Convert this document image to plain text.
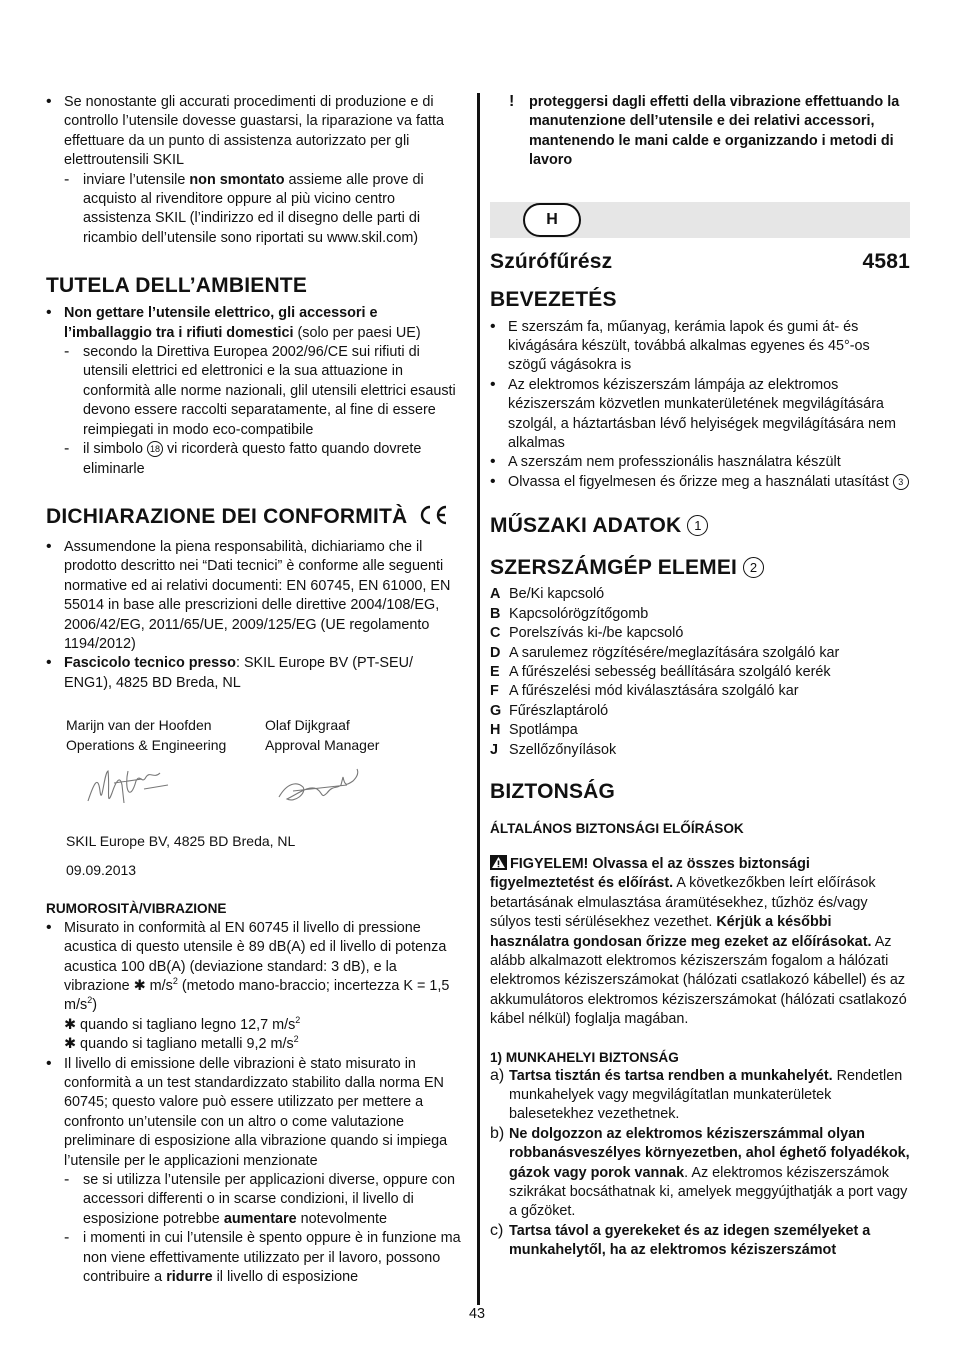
• Se nonostante gli accurati procedimenti di produzione e di controllo l’utensile dovesse guastarsi, la riparazione va fatta effettuare da un punto di assistenza autorizzato per gli elettroutensili SKIL

- inviare l’utensile non smontato assieme alle prove di acquisto al rivenditore oppure al più vicino centro assistenza SKIL (l’indirizzo ed il disegno delle parti di ricambio dell’utensile sono riportati su www.skil.com)

TUTELA DELL’AMBIENTE
• Non gettare l’utensile elettrico, gli accessori e l’imballaggio tra i rifiuti domestici (solo per paesi UE)

- secondo la Direttiva Europea 2002/96/CE sui rifiuti di utensili elettrici ed elettronici e la sua attuazione in conformità alle norme nazionali, glil utensili elettrici esausti devono essere raccolti separatamente, al fine di essere reimpiegati in modo eco-compatibile

- il simbolo 18 vi ricorderà questo fatto quando dovrete eliminarle

DICHIARAZIONE DEI CONFORMITÀ
• Assumendone la piena responsabilità, dichiariamo che il prodotto descritto nei “Dati tecnici” è conforme alle seguenti normative ed ai relativi documenti: EN 60745, EN 61000, EN 55014 in base alle prescrizioni delle direttive 2004/108/EG, 2006/42/EG, 2011/65/UE, 2009/125/EG (UE regolamento 1194/2012)

• Fascicolo tecnico presso: SKIL Europe BV (PT-SEU/ ENG1), 4825 BD Breda, NL

Marijn van der Hoofden

Operations & Engineering

Olaf Dijkgraaf

Approval Manager

SKIL Europe BV, 4825 BD Breda, NL

09.09.2013

RUMOROSITÀ/VIBRAZIONE
• Misurato in conformità al EN 60745 il livello di pressione acustica di questo utensile è 89 dB(A) ed il livello di potenza acustica 100 dB(A) (deviazione standard: 3 dB), e la vibrazione ✱ $m/s^2$ (metodo mano-braccio; incertezza K = 1,5 $m/s^2$)

✱ quando si tagliano legno 12,7 $m/s^2$

✱ quando si tagliano metalli 9,2 $m/s^2$

• Il livello di emissione delle vibrazioni è stato misurato in conformità a un test standardizzato stabilito dalla norma EN 60745; questo valore può essere utilizzato per mettere a confronto un’utensile con un altro o come valutazione preliminare di esposizione alla vibrazione quando si impiega l’utensile per le applicazioni menzionate

- se si utilizza l’utensile per applicazioni diverse, oppure con accessori differenti o in scarse condizioni, il livello di esposizione potrebbe aumentare notevolmente

- i momenti in cui l’utensile è spento oppure è in funzione ma non viene effettivamente utilizzato per il lavoro, possono contribuire a ridurre il livello di esposizione

! proteggersi dagli effetti della vibrazione effettuando la manutenzione dell’utensile e dei relativi accessori, mantenendo le mani calde e organizzando i metodi di lavoro

H
Szúrófűrész	4581
BEVEZETÉS
• E szerszám fa, műanyag, kerámia lapok és gumi át- és kivágására készült, továbbá alkalmas egyenes és 45°-os szögű vágásokra is

• Az elektromos kéziszerszám lámpája az elektromos kéziszerszám közvetlen munkaterületének megvilágítására szolgál, a háztartásban lévő helyiségek megvilágítására nem alkalmas

• A szerszám nem professzionális használatra készült

• Olvassa el figyelmesen és őrizze meg a használati utasítást 3

MŰSZAKI ADATOK 1
SZERSZÁMGÉP ELEMEI 2
A Be/Ki kapcsoló
B Kapcsolórögzítőgomb
C Porelszívás ki-/be kapcsoló
D A sarulemez rögzítésére/meglazítására szolgáló kar
E A fűrészelési sebesség beállítására szolgáló kerék
F A fűrészelési mód kiválasztására szolgáló kar
G Fűrészlaptároló
H Spotlámpa
J Szellőzőnyílások
BIZTONSÁG
ÁLTALÁNOS BIZTONSÁGI ELŐÍRÁSOK

FIGYELEM! Olvassa el az összes biztonsági figyelmeztetést és előírást. A következőkben leírt előírások betartásának elmulasztása áramütésekhez, tűzhöz és/vagy súlyos testi sérülésekhez vezethet. Kérjük a későbbi használatra gondosan őrizze meg ezeket az előírásokat. Az alább alkalmazott elektromos kéziszerszám fogalom a hálózati elektromos kéziszerszámokat (hálózati csatlakozó kábellel) és az akkumulátoros elektromos kéziszerszámokat (hálózati csatlakozó kábel nélkül) foglalja magában.

1) MUNKAHELYI BIZTONSÁG
a) Tartsa tisztán és tartsa rendben a munkahelyét. Rendetlen munkahelyek vagy megvilágítatlan munkaterületek balesetekhez vezethetnek.

b) Ne dolgozzon az elektromos kéziszerszámmal olyan robbanásveszélyes környezetben, ahol éghető folyadékok, gázok vagy porok vannak. Az elektromos kéziszerszámok szikrákat bocsáthatnak ki, amelyek meggyújthatják a port vagy a gőzöket.

c) Tartsa távol a gyerekeket és az idegen személyeket a munkahelytől, ha az elektromos kéziszerszámot

43
